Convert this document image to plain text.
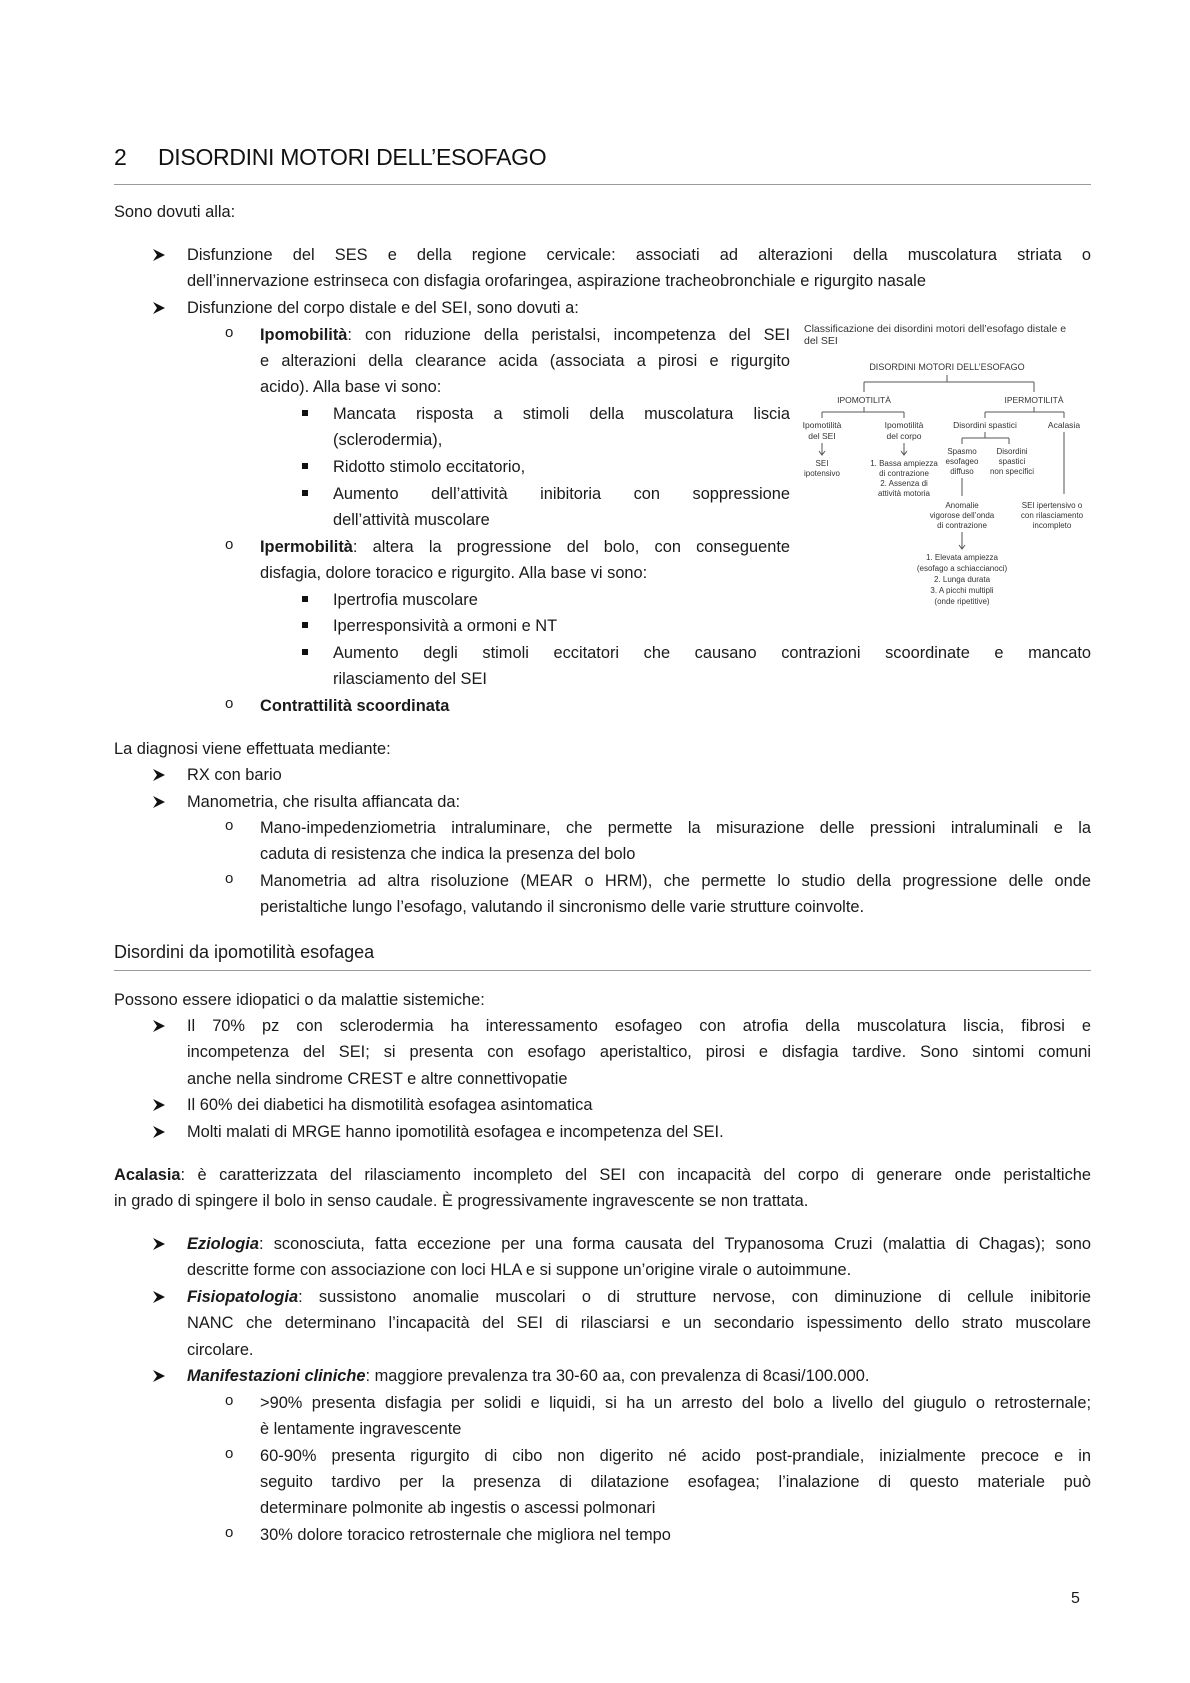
2 DISORDINI MOTORI DELL’ESOFAGO
Sono dovuti alla:
Disfunzione del SES e della regione cervicale: associati ad alterazioni della muscolatura striata o
dell’innervazione estrinseca con disfagia orofaringea, aspirazione tracheobronchiale e rigurgito nasale
Disfunzione del corpo distale e del SEI, sono dovuti a:
o Ipomobilità: con riduzione della peristalsi, incompetenza del SEI
e alterazioni della clearance acida (associata a pirosi e rigurgito
acido). Alla base vi sono:
Mancata risposta a stimoli della muscolatura liscia
(sclerodermia),
Ridotto stimolo eccitatorio,
Aumento dell’attività inibitoria con soppressione
dell’attività muscolare
o Ipermobilità: altera la progressione del bolo, con conseguente
disfagia, dolore toracico e rigurgito. Alla base vi sono:
Ipertrofia muscolare
Iperresponsività a ormoni e NT
Aumento degli stimoli eccitatori che causano contrazioni scoordinate e mancato
rilasciamento del SEI
o Contrattilità scoordinata
Classificazione dei disordini motori dell’esofago distale e
del SEI
DISORDINI MOTORI DELL’ESOFAGO
IPOMOTILITÀ	IPERMOTILITÀ
Ipomotilità
del SEI
Ipomotilità
del corpo
Disordini spastici	Acalasia
SEI
ipotensivo
1. Bassa ampiezza
di contrazione
2. Assenza di
attività motoria
Spasmo
esofageo
diffuso
Disordini
spastici
non specifici
Anomalie
vigorose dell’onda
di contrazione
SEI ipertensivo o
con rilasciamento
incompleto
1. Elevata ampiezza
(esofago a schiaccianoci)
2. Lunga durata
3. A picchi multipli
(onde ripetitive)
La diagnosi viene effettuata mediante:
RX con bario
Manometria, che risulta affiancata da:
o Mano-impedenziometria intraluminare, che permette la misurazione delle pressioni intraluminali e la
caduta di resistenza che indica la presenza del bolo
o Manometria ad altra risoluzione (MEAR o HRM), che permette lo studio della progressione delle onde
peristaltiche lungo l’esofago, valutando il sincronismo delle varie strutture coinvolte.
Disordini da ipomotilità esofagea
Possono essere idiopatici o da malattie sistemiche:
Il 70% pz con sclerodermia ha interessamento esofageo con atrofia della muscolatura liscia, fibrosi e
incompetenza del SEI; si presenta con esofago aperistaltico, pirosi e disfagia tardive. Sono sintomi comuni
anche nella sindrome CREST e altre connettivopatie
Il 60% dei diabetici ha dismotilità esofagea asintomatica
Molti malati di MRGE hanno ipomotilità esofagea e incompetenza del SEI.
Acalasia: è caratterizzata del rilasciamento incompleto del SEI con incapacità del corpo di generare onde peristaltiche
in grado di spingere il bolo in senso caudale. È progressivamente ingravescente se non trattata.
Eziologia: sconosciuta, fatta eccezione per una forma causata del Trypanosoma Cruzi (malattia di Chagas); sono
descritte forme con associazione con loci HLA e si suppone un’origine virale o autoimmune.
Fisiopatologia: sussistono anomalie muscolari o di strutture nervose, con diminuzione di cellule inibitorie
NANC che determinano l’incapacità del SEI di rilasciarsi e un secondario ispessimento dello strato muscolare
circolare.
Manifestazioni cliniche: maggiore prevalenza tra 30-60 aa, con prevalenza di 8casi/100.000.
o >90% presenta disfagia per solidi e liquidi, si ha un arresto del bolo a livello del giugulo o retrosternale;
è lentamente ingravescente
o 60-90% presenta rigurgito di cibo non digerito né acido post-prandiale, inizialmente precoce e in
seguito tardivo per la presenza di dilatazione esofagea; l’inalazione di questo materiale può
determinare polmonite ab ingestis o ascessi polmonari
o 30% dolore toracico retrosternale che migliora nel tempo
5
